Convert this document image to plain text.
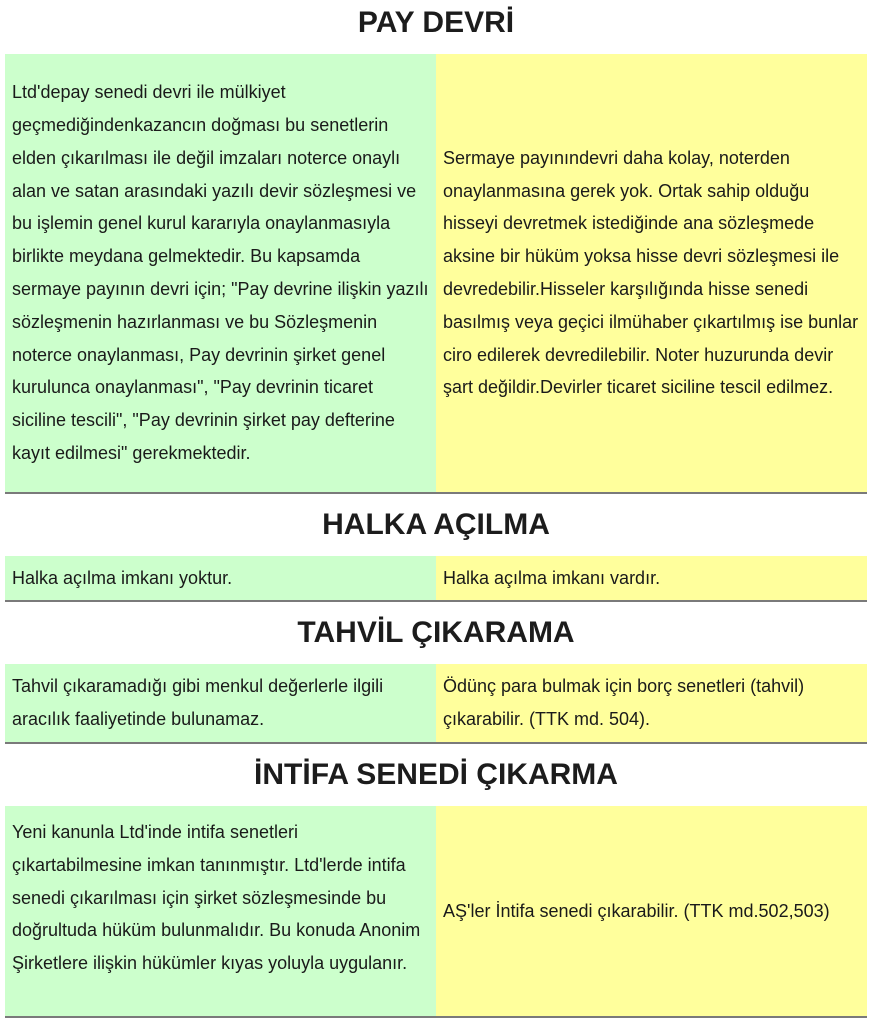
PAY DEVRİ
Ltd'depay senedi devri ile mülkiyet geçmediğindenkazancın doğması bu senetlerin elden çıkarılması ile değil imzaları noterce onaylı alan ve satan arasındaki yazılı devir sözleşmesi ve bu işlemin genel kurul kararıyla onaylanmasıyla birlikte meydana gelmektedir. Bu kapsamda sermaye payının devri için; "Pay devrine ilişkin yazılı sözleşmenin hazırlanması ve bu Sözleşmenin noterce onaylanması, Pay devrinin şirket genel kurulunca onaylanması", "Pay devrinin ticaret siciline tescili", "Pay devrinin şirket pay defterine kayıt edilmesi" gerekmektedir.
Sermaye payınındevri daha kolay, noterden onaylanmasına gerek yok. Ortak sahip olduğu hisseyi devretmek istediğinde ana sözleşmede aksine bir hüküm yoksa hisse devri sözleşmesi ile devredebilir.Hisseler karşılığında hisse senedi basılmış veya geçici ilmühaber çıkartılmış ise bunlar ciro edilerek devredilebilir. Noter huzurunda devir şart değildir.Devirler ticaret siciline tescil edilmez.
HALKA AÇILMA
Halka açılma imkanı yoktur.	Halka açılma imkanı vardır.
TAHVİL ÇIKARAMA
Tahvil çıkaramadığı gibi menkul değerlerle ilgili aracılık faaliyetinde bulunamaz.
Ödünç para bulmak için borç senetleri (tahvil) çıkarabilir. (TTK md. 504).
İNTİFA SENEDİ ÇIKARMA
Yeni kanunla Ltd'inde intifa senetleri çıkartabilmesine imkan tanınmıştır. Ltd'lerde intifa senedi çıkarılması için şirket sözleşmesinde bu doğrultuda hüküm bulunmalıdır. Bu konuda Anonim Şirketlere ilişkin hükümler kıyas yoluyla uygulanır.
AŞ'ler İntifa senedi çıkarabilir. (TTK md.502,503)
